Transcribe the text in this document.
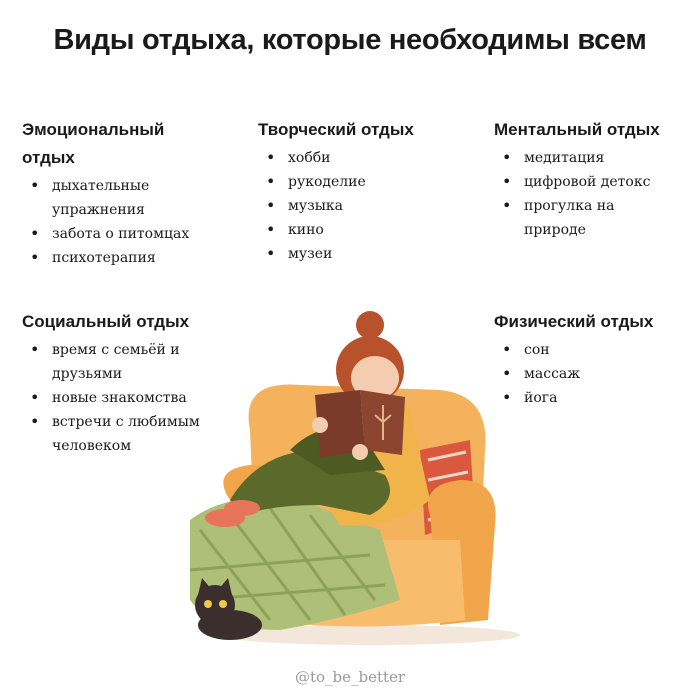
Виды отдыха, которые необходимы всем
Эмоциональный отдых
• дыхательные упражнения
• забота о питомцах
• психотерапия
Творческий отдых
• хобби
• рукоделие
• музыка
• кино
• музеи
Ментальный отдых
• медитация
• цифровой детокс
• прогулка на природе
Социальный отдых
• время с семьёй и друзьями
• новые знакомства
• встречи с любимым человеком
Физический отдых
• сон
• массаж
• йога
@to_be_better
